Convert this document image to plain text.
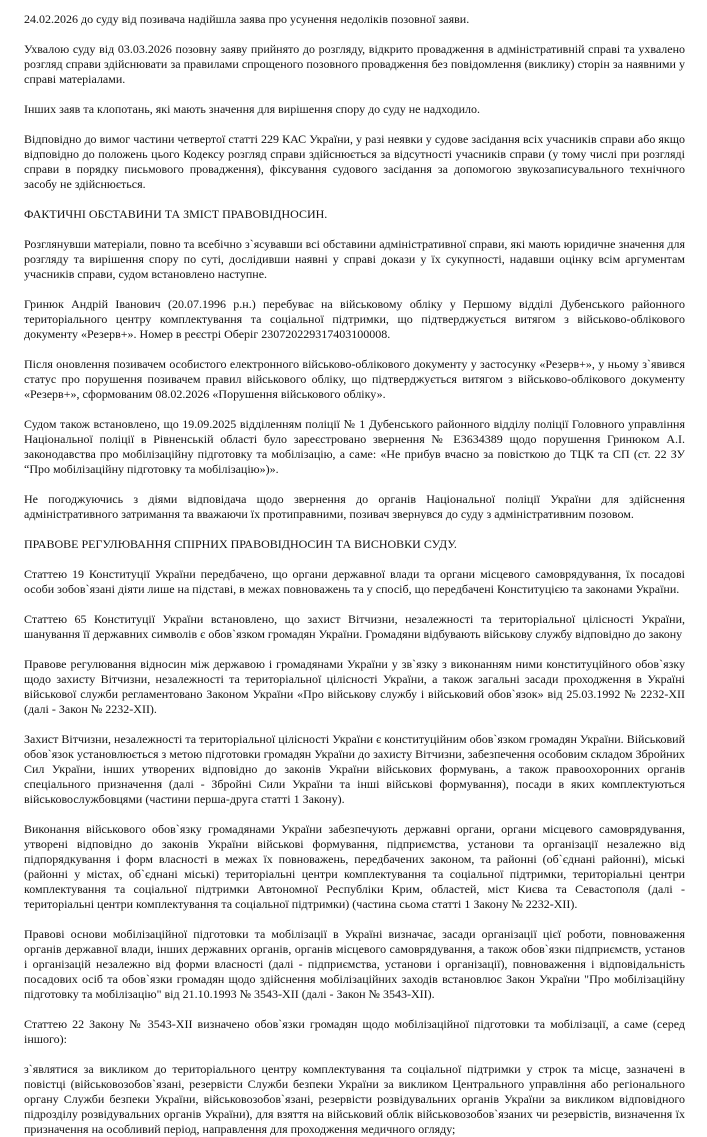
24.02.2026 до суду від позивача надійшла заява про усунення недоліків позовної заяви.

Ухвалою суду від 03.03.2026 позовну заяву прийнято до розгляду, відкрито провадження в адміністративній справі та ухвалено розгляд справи здійснювати за правилами спрощеного позовного провадження без повідомлення (виклику) сторін за наявними у справі матеріалами.

Інших заяв та клопотань, які мають значення для вирішення спору до суду не надходило.

Відповідно до вимог частини четвертої статті 229 КАС України, у разі неявки у судове засідання всіх учасників справи або якщо відповідно до положень цього Кодексу розгляд справи здійснюється за відсутності учасників справи (у тому числі при розгляді справи в порядку письмового провадження), фіксування судового засідання за допомогою звукозаписувального технічного засобу не здійснюється.

ФАКТИЧНІ ОБСТАВИНИ ТА ЗМІСТ ПРАВОВІДНОСИН.

Розглянувши матеріали, повно та всебічно з`ясувавши всі обставини адміністративної справи, які мають юридичне значення для розгляду та вирішення спору по суті, дослідивши наявні у справі докази у їх сукупності, надавши оцінку всім аргументам учасників справи, судом встановлено наступне.

Гринюк Андрій Іванович (20.07.1996 р.н.) перебуває на військовому обліку у Першому відділі Дубенського районного територіального центру комплектування та соціальної підтримки, що підтверджується витягом з військово-облікового документу «Резерв+». Номер в реєстрі Оберіг 230720229317403100008.

Після оновлення позивачем особистого електронного військово-облікового документу у застосунку «Резерв+», у ньому з`явився статус про порушення позивачем правил військового обліку, що підтверджується витягом з військово-облікового документу «Резерв+», сформованим 08.02.2026 «Порушення військового обліку».

Судом також встановлено, що 19.09.2025 відділенням поліції № 1 Дубенського районного відділу поліції Головного управління Національної поліції в Рівненській області було зареєстровано звернення № ЕЗ634389 щодо порушення Гринюком А.І. законодавства про мобілізаційну підготовку та мобілізацію, а саме: «Не прибув вчасно за повісткою до ТЦК та СП (ст. 22 ЗУ “Про мобілізаційну підготовку та мобілізацію»)».

Не погоджуючись з діями відповідача щодо звернення до органів Національної поліції України для здійснення адміністративного затримання та вважаючи їх протиправними, позивач звернувся до суду з адміністративним позовом.

ПРАВОВЕ РЕГУЛЮВАННЯ СПІРНИХ ПРАВОВІДНОСИН ТА ВИСНОВКИ СУДУ.

Статтею 19 Конституції України передбачено, що органи державної влади та органи місцевого самоврядування, їх посадові особи зобов`язані діяти лише на підставі, в межах повноважень та у спосіб, що передбачені Конституцією та законами України.

Статтею 65 Конституції України встановлено, що захист Вітчизни, незалежності та територіальної цілісності України, шанування її державних символів є обов`язком громадян України. Громадяни відбувають військову службу відповідно до закону

Правове регулювання відносин між державою і громадянами України у зв`язку з виконанням ними конституційного обов`язку щодо захисту Вітчизни, незалежності та територіальної цілісності України, а також загальні засади проходження в Україні військової служби регламентовано Законом України «Про військову службу і військовий обов`язок» від 25.03.1992 № 2232-XII (далі - Закон № 2232-XII).

Захист Вітчизни, незалежності та територіальної цілісності України є конституційним обов`язком громадян України. Військовий обов`язок установлюється з метою підготовки громадян України до захисту Вітчизни, забезпечення особовим складом Збройних Сил України, інших утворених відповідно до законів України військових формувань, а також правоохоронних органів спеціального призначення (далі - Збройні Сили України та інші військові формування), посади в яких комплектуються військовослужбовцями (частини перша-друга статті 1 Закону).

Виконання військового обов`язку громадянами України забезпечують державні органи, органи місцевого самоврядування, утворені відповідно до законів України військові формування, підприємства, установи та організації незалежно від підпорядкування і форм власності в межах їх повноважень, передбачених законом, та районні (об`єднані районні), міські (районні у містах, об`єднані міські) територіальні центри комплектування та соціальної підтримки, територіальні центри комплектування та соціальної підтримки Автономної Республіки Крим, областей, міст Києва та Севастополя (далі - територіальні центри комплектування та соціальної підтримки) (частина сьома статті 1 Закону № 2232-XII).

Правові основи мобілізаційної підготовки та мобілізації в Україні визначає, засади організації цієї роботи, повноваження органів державної влади, інших державних органів, органів місцевого самоврядування, а також обов`язки підприємств, установ і організацій незалежно від форми власності (далі - підприємства, установи і організації), повноваження і відповідальність посадових осіб та обов`язки громадян щодо здійснення мобілізаційних заходів встановлює Закон України "Про мобілізаційну підготовку та мобілізацію" від 21.10.1993 № 3543-XII (далі - Закон № 3543-XII).

Статтею 22 Закону № 3543-XII визначено обов`язки громадян щодо мобілізаційної підготовки та мобілізації, а саме (серед іншого):

з`являтися за викликом до територіального центру комплектування та соціальної підтримки у строк та місце, зазначені в повістці (військовозобов`язані, резервісти Служби безпеки України за викликом Центрального управління або регіонального органу Служби безпеки України, військовозобов`язані, резервісти розвідувальних органів України за викликом відповідного підрозділу розвідувальних органів України), для взяття на військовий облік військовозобов`язаних чи резервістів, визначення їх призначення на особливий період, направлення для проходження медичного огляду;
